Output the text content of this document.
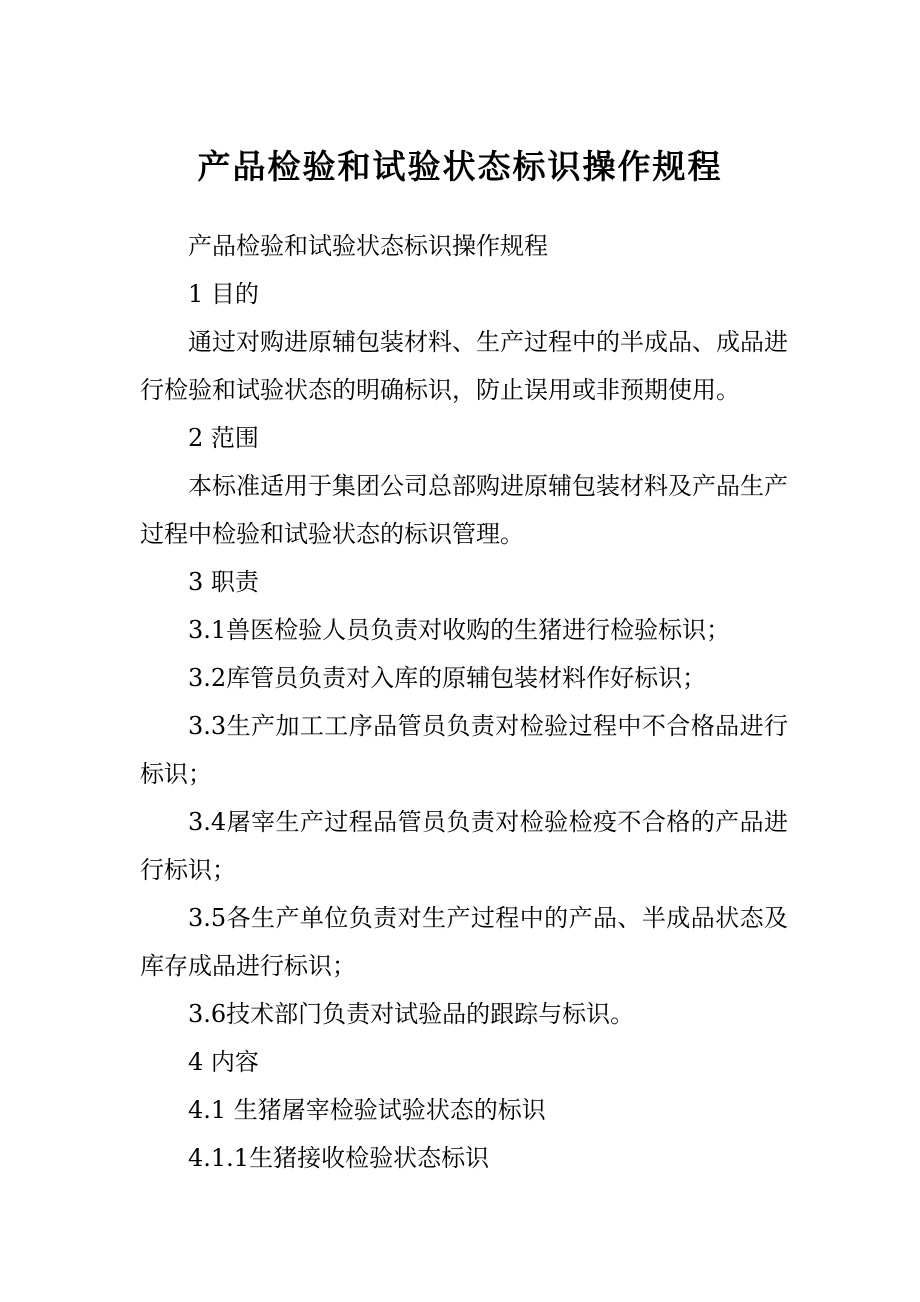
产品检验和试验状态标识操作规程

产品检验和试验状态标识操作规程

1 目的

通过对购进原辅包装材料、生产过程中的半成品、成品进行检验和试验状态的明确标识，防止误用或非预期使用。

2 范围

本标准适用于集团公司总部购进原辅包装材料及产品生产过程中检验和试验状态的标识管理。

3 职责

3.1兽医检验人员负责对收购的生猪进行检验标识；

3.2库管员负责对入库的原辅包装材料作好标识；

3.3生产加工工序品管员负责对检验过程中不合格品进行标识；

3.4屠宰生产过程品管员负责对检验检疫不合格的产品进行标识；

3.5各生产单位负责对生产过程中的产品、半成品状态及库存成品进行标识；

3.6技术部门负责对试验品的跟踪与标识。

4 内容

4.1 生猪屠宰检验试验状态的标识

4.1.1生猪接收检验状态标识
